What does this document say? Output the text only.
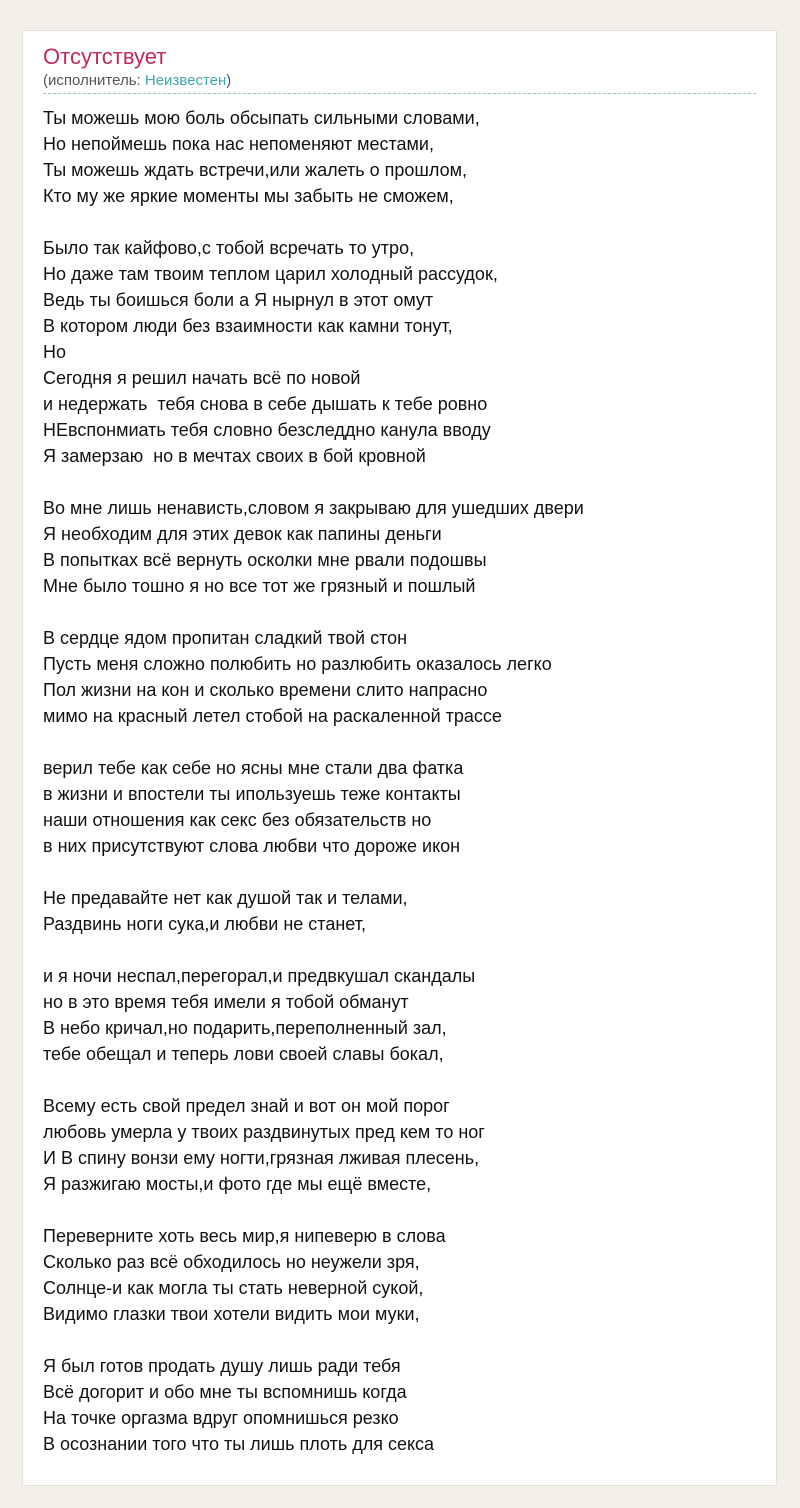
Отсутствует
(исполнитель: Неизвестен)
Ты можешь мою боль обсыпать сильными словами,
Но непоймешь пока нас непоменяют местами,
Ты можешь ждать встречи,или жалеть о прошлом,
Кто му же яркие моменты мы забыть не сможем,
Было так кайфово,с тобой всречать то утро,
Но даже там твоим теплом царил холодный рассудок,
Ведь ты боишься боли а Я нырнул в этот омут
В котором люди без взаимности как камни тонут,
Но
Сегодня я решил начать всё по новой
и недержать  тебя снова в себе дышать к тебе ровно
НЕвспонмиать тебя словно безследдно канула вводу
Я замерзаю  но в мечтах своих в бой кровной
Во мне лишь ненависть,словом я закрываю для ушедших двери
Я необходим для этих девок как папины деньги
В попытках всё вернуть осколки мне рвали подошвы
Мне было тошно я но все тот же грязный и пошлый
В сердце ядом пропитан сладкий твой стон
Пусть меня сложно полюбить но разлюбить оказалось легко
Пол жизни на кон и сколько времени слито напрасно
мимо на красный летел стобой на раскаленной трассе
верил тебе как себе но ясны мне стали два фатка
в жизни и впостели ты ипользуешь теже контакты
наши отношения как секс без обязательств но
в них присутствуют слова любви что дороже икон
Не предавайте нет как душой так и телами,
Раздвинь ноги сука,и любви не станет,
и я ночи неспал,перегорал,и предвкушал скандалы
но в это время тебя имели я тобой обманут
В небо кричал,но подарить,переполненный зал,
тебе обещал и теперь лови своей славы бокал,
Всему есть свой предел знай и вот он мой порог
любовь умерла у твоих раздвинутых пред кем то ног
И В спину вонзи ему ногти,грязная лживая плесень,
Я разжигаю мосты,и фото где мы ещё вместе,
Переверните хоть весь мир,я нипеверю в слова
Сколько раз всё обходилось но неужели зря,
Солнце-и как могла ты стать неверной сукой,
Видимо глазки твои хотели видить мои муки,
Я был готов продать душу лишь ради тебя
Всё догорит и обо мне ты вспомнишь когда
На точке оргазма вдруг опомнишься резко
В осознании того что ты лишь плоть для секса
